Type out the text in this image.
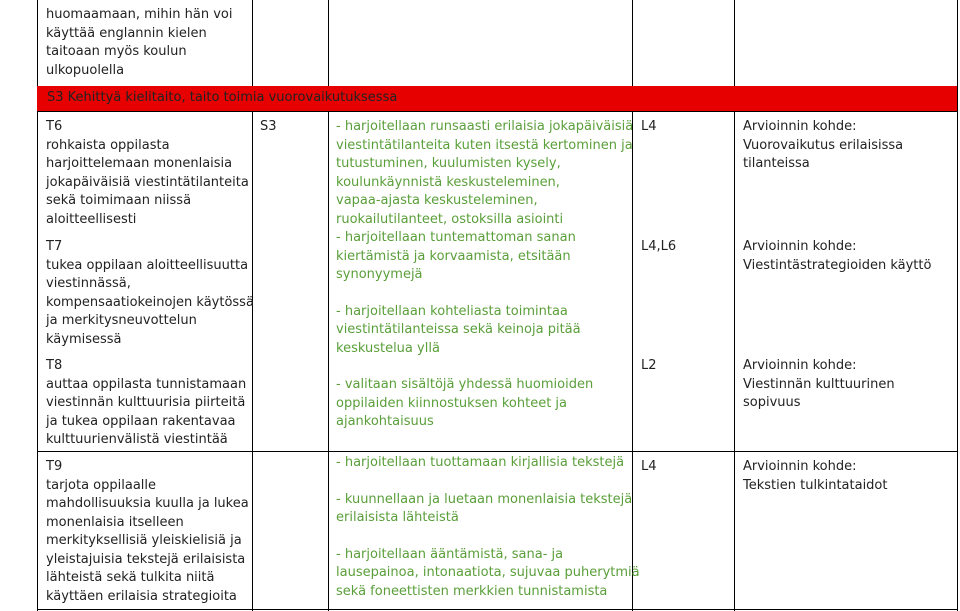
huomaamaan, mihin hän voi

käyttää englannin kielen

taitoaan myös koulun

ulkopuolella

S3 Kehittyä kielitaito, taito toimia vuorovaikutuksessa

T6

rohkaista oppilasta

harjoittelemaan monenlaisia

jokapäiväisiä viestintätilanteita

sekä toimimaan niissä

aloitteellisesti

T7

tukea oppilaan aloitteellisuutta

viestinnässä,

kompensaatiokeinojen käytössä

ja merkitysneuvottelun

käymisessä

T8

auttaa oppilasta tunnistamaan

viestinnän kulttuurisia piirteitä

ja tukea oppilaan rakentavaa

kulttuurienvälistä viestintää

S3	- harjoitellaan runsaasti erilaisia jokapäiväisiä

viestintätilanteita kuten itsestä kertominen ja

tutustuminen, kuulumisten kysely,

koulunkäynnistä keskusteleminen,

vapaa-ajasta keskusteleminen,

ruokailutilanteet, ostoksilla asiointi

- harjoitellaan tuntemattoman sanan

kiertämistä ja korvaamista, etsitään

synonyymejä

- harjoitellaan kohteliasta toimintaa

viestintätilanteissa sekä keinoja pitää

keskustelua yllä

- valitaan sisältöjä yhdessä huomioiden

oppilaiden kiinnostuksen kohteet ja

ajankohtaisuus

L4

L4,L6

L2

Arvioinnin kohde:

Vuorovaikutus erilaisissa

tilanteissa

Arvioinnin kohde:

Viestintästrategioiden käyttö

Arvioinnin kohde:

Viestinnän kulttuurinen

sopivuus

T9

tarjota oppilaalle

mahdollisuuksia kuulla ja lukea

monenlaisia itselleen

merkityksellisiä yleiskielisiä ja

yleistajuisia tekstejä erilaisista

lähteistä sekä tulkita niitä

käyttäen erilaisia strategioita

- harjoitellaan tuottamaan kirjallisia tekstejä

- kuunnellaan ja luetaan monenlaisia tekstejä

erilaisista lähteistä

- harjoitellaan ääntämistä, sana- ja

lausepainoa, intonaatiota, sujuvaa puherytmiä

sekä foneettisten merkkien tunnistamista

L4	Arvioinnin kohde:

Tekstien tulkintataidot
